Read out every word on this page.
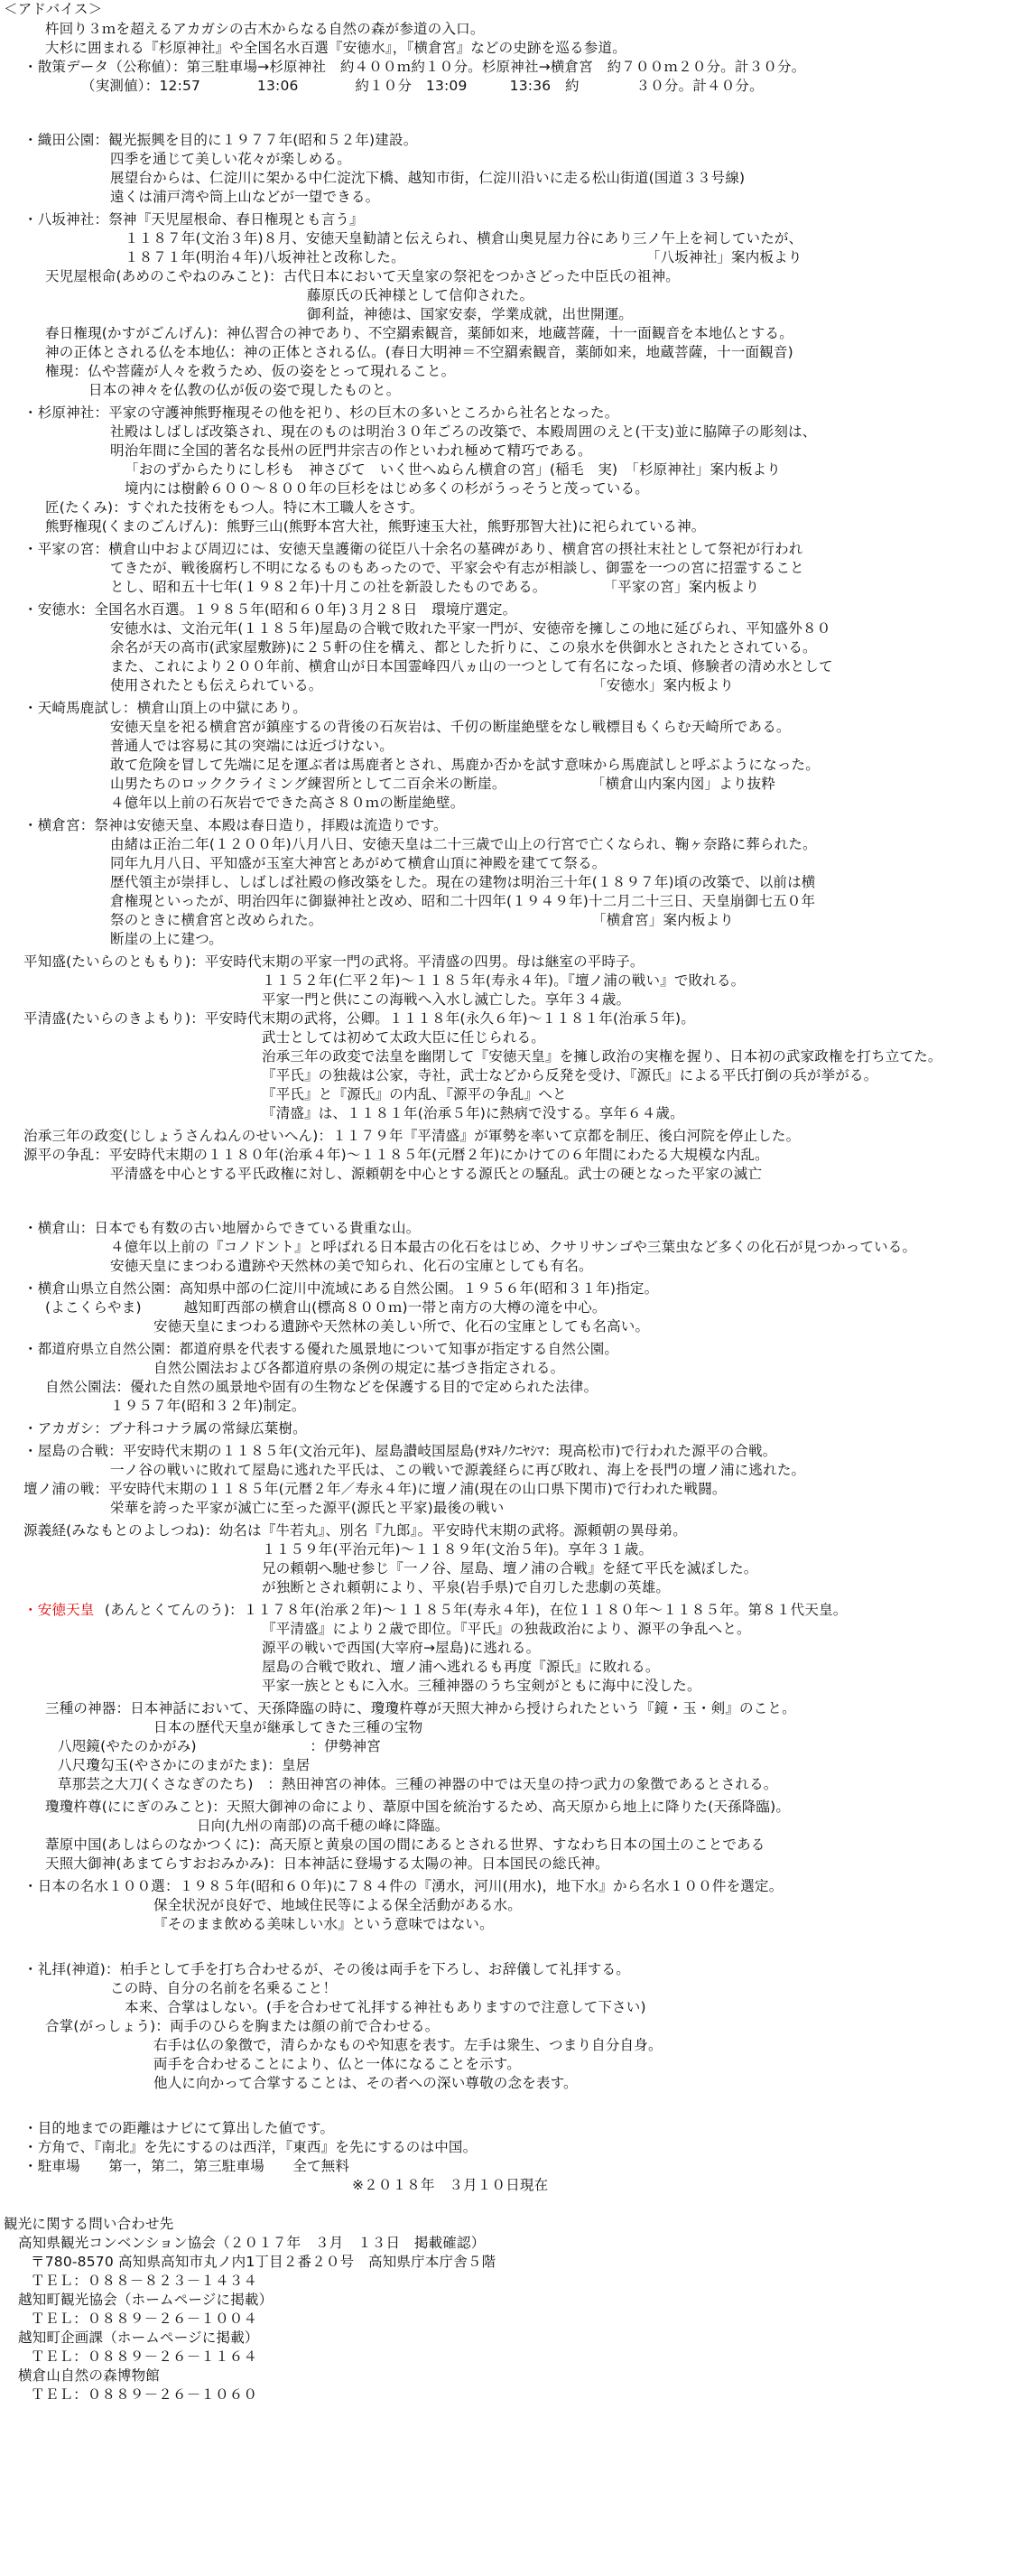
＜アドバイス＞
杵回り３ｍを超えるアカガシの古木からなる自然の森が参道の入口。
大杉に囲まれる『杉原神社』や全国名水百選『安徳水』，『横倉宮』などの史跡を巡る参道。
・散策データ（公称値）：第三駐車場→杉原神社　約４００ｍ約１０分。杉原神社→横倉宮　約７００ｍ２０分。計３０分。
（実測値）：12:57　　　　13:06　　　　約１０分　13:09　　　13:36　約　　　　３０分。計４０分。
・織田公園：観光振興を目的に１９７７年(昭和５２年)建設。
四季を通じて美しい花々が楽しめる。
展望台からは、仁淀川に架かる中仁淀沈下橋、越知市街，仁淀川沿いに走る松山街道(国道３３号線)
遠くは浦戸湾や筒上山などが一望できる。
・八坂神社：祭神『天児屋根命、春日権現とも言う』
１１８７年(文治３年)８月、安徳天皇勧請と伝えられ、横倉山奥見屋力谷にあり三ノ午上を祠していたが、
１８７１年(明治４年)八坂神社と改称した。　　　　　　　　　　　　　　　　　　「八坂神社」案内板より
天児屋根命(あめのこやねのみこと)：古代日本において天皇家の祭祀をつかさどった中臣氏の祖神。
藤原氏の氏神様として信仰された。
御利益，神徳は、国家安泰，学業成就，出世開運。
春日権現(かすがごんげん)：神仏習合の神であり、不空羂索観音，薬師如来，地蔵菩薩，十一面観音を本地仏とする。
神の正体とされる仏を本地仏：神の正体とされる仏。(春日大明神＝不空羂索観音，薬師如来，地蔵菩薩，十一面観音)
権現：仏や菩薩が人々を救うため、仮の姿をとって現れること。
日本の神々を仏教の仏が仮の姿で現したものと。
・杉原神社：平家の守護神熊野権現その他を祀り、杉の巨木の多いところから社名となった。
社殿はしばしば改築され、現在のものは明治３０年ごろの改築で、本殿周囲のえと(干支)並に脇障子の彫刻は、
明治年間に全国的著名な長州の匠門井宗吉の作といわれ極めて精巧である。
「おのずからたりにし杉も　神さびて　いく世へぬらん横倉の宮」(稲毛　実)　「杉原神社」案内板より
境内には樹齢６００～８００年の巨杉をはじめ多くの杉がうっそうと茂っている。
匠(たくみ)：すぐれた技術をもつ人。特に木工職人をさす。
熊野権現(くまのごんげん)：熊野三山(熊野本宮大社，熊野速玉大社，熊野那智大社)に祀られている神。
・平家の宮：横倉山中および周辺には、安徳天皇護衛の従臣八十余名の墓碑があり、横倉宮の摂社末社として祭祀が行われ
てきたが、戦後腐朽し不明になるものもあったので、平家会や有志が相談し、御霊を一つの宮に招霊すること
とし、昭和五十七年(１９８２年)十月この社を新設したものである。　　　　　「平家の宮」案内板より
・安徳水：全国名水百選。１９８５年(昭和６０年)３月２８日　環境庁選定。
安徳水は、文治元年(１１８５年)屋島の合戦で敗れた平家一門が、安徳帝を擁しこの地に延びられ、平知盛外８０
余名が天の高市(武家屋敷跡)に２５軒の住を構え、都とした折りに、この泉水を供御水とされたとされている。
また、これにより２００年前、横倉山が日本国霊峰四八ヵ山の一つとして有名になった頃、修験者の清め水として
使用されたとも伝えられている。　　　　　　　　　　　　　　　　　　　　「安徳水」案内板より
・天崎馬鹿試し：横倉山頂上の中獄にあり。
安徳天皇を祀る横倉宮が鎮座するの背後の石灰岩は、千仞の断崖絶壁をなし戦標目もくらむ天崎所である。
普通人では容易に其の突端には近づけない。
敢て危険を冒して先端に足を運ぶ者は馬鹿者とされ、馬鹿か否かを試す意味から馬鹿試しと呼ぶようになった。
山男たちのロッククライミング練習所として二百余米の断崖。　　　　　　　「横倉山内案内図」より抜粋
４億年以上前の石灰岩でできた高さ８０ｍの断崖絶壁。
・横倉宮：祭神は安徳天皇、本殿は春日造り，拝殿は流造りです。
由緒は正治二年(１２００年)八月八日、安徳天皇は二十三歳で山上の行宮で亡くなられ、鞠ヶ奈路に葬られた。
同年九月八日、平知盛が玉室大神宮とあがめて横倉山頂に神殿を建てて祭る。
歴代領主が崇拝し、しばしば社殿の修改築をした。現在の建物は明治三十年(１８９７年)頃の改築で、以前は横
倉権現といったが、明治四年に御嶽神社と改め、昭和二十四年(１９４９年)十二月二十三日、天皇崩御七五０年
祭のときに横倉宮と改められた。　　　　　　　　　　　　　　　　　　　　「横倉宮」案内板より
断崖の上に建つ。
平知盛(たいらのとももり)：平安時代末期の平家一門の武将。平清盛の四男。母は継室の平時子。
１１５２年(仁平２年)～１１８５年(寿永４年)。『壇ノ浦の戦い』で敗れる。
平家一門と供にこの海戦へ入水し滅亡した。享年３４歳。
平清盛(たいらのきよもり)：平安時代末期の武将，公卿。１１１８年(永久６年)～１１８１年(治承５年)。
武士としては初めて太政大臣に任じられる。
治承三年の政変で法皇を幽閉して『安徳天皇』を擁し政治の実権を握り、日本初の武家政権を打ち立てた。
『平氏』の独裁は公家，寺社，武士などから反発を受け、『源氏』による平氏打倒の兵が挙がる。
『平氏』と『源氏』の内乱、『源平の争乱』へと
『清盛』は、１１８１年(治承５年)に熱病で没する。享年６４歳。
治承三年の政変(じしょうさんねんのせいへん)：１１７９年『平清盛』が軍勢を率いて京都を制圧、後白河院を停止した。
源平の争乱：平安時代末期の１１８０年(治承４年)～１１８５年(元暦２年)にかけての６年間にわたる大規模な内乱。
平清盛を中心とする平氏政権に対し、源頼朝を中心とする源氏との騒乱。武士の硬となった平家の滅亡
・横倉山：日本でも有数の古い地層からできている貴重な山。
４億年以上前の『コノドント』と呼ばれる日本最古の化石をはじめ、クサリサンゴや三葉虫など多くの化石が見つかっている。
安徳天皇にまつわる遺跡や天然林の美で知られ、化石の宝庫としても有名。
・横倉山県立自然公園：高知県中部の仁淀川中流域にある自然公園。１９５６年(昭和３１年)指定。
(よこくらやま)　　　越知町西部の横倉山(標高８００ｍ)一帯と南方の大樽の滝を中心。
安徳天皇にまつわる遺跡や天然林の美しい所で、化石の宝庫としても名高い。
・都道府県立自然公園：都道府県を代表する優れた風景地について知事が指定する自然公園。
自然公園法および各都道府県の条例の規定に基づき指定される。
自然公園法：優れた自然の風景地や固有の生物などを保護する目的で定められた法律。
１９５７年(昭和３２年)制定。
・アカガシ：ブナ科コナラ属の常緑広葉樹。
・屋島の合戦：平安時代末期の１１８５年(文治元年)、屋島讃岐国屋島(ｻﾇｷﾉｸﾆﾔｼﾏ：現高松市)で行われた源平の合戦。
一ノ谷の戦いに敗れて屋島に逃れた平氏は、この戦いで源義経らに再び敗れ、海上を長門の壇ノ浦に逃れた。
壇ノ浦の戦：平安時代末期の１１８５年(元暦２年／寿永４年)に壇ノ浦(現在の山口県下関市)で行われた戦闘。
栄華を誇った平家が滅亡に至った源平(源氏と平家)最後の戦い
源義経(みなもとのよしつね)：幼名は『牛若丸』、別名『九郎』。平安時代末期の武将。源頼朝の異母弟。
１１５９年(平治元年)～１１８９年(文治５年)。享年３１歳。
兄の頼朝へ馳せ参じ『一ノ谷、屋島、壇ノ浦の合戦』を経て平氏を滅ぼした。
が独断とされ頼朝により、平泉(岩手県)で自刃した悲劇の英雄。
・安徳天皇 (あんとくてんのう)：１１７８年(治承２年)～１１８５年(寿永４年)，在位１１８０年～１１８５年。第８１代天皇。
『平清盛』により２歳で即位。『平氏』の独裁政治により、源平の争乱へと。
源平の戦いで西国(大宰府→屋島)に逃れる。
屋島の合戦で敗れ、壇ノ浦へ逃れるも再度『源氏』に敗れる。
平家一族とともに入水。三種神器のうち宝剣がともに海中に没した。
三種の神器：日本神話において、天孫降臨の時に、瓊瓊杵尊が天照大神から授けられたという『鏡・玉・剣』のこと。
日本の歴代天皇が継承してきた三種の宝物
八咫鏡(やたのかがみ)　　　　　　　　：伊勢神宮
八尺瓊勾玉(やさかにのまがたま)：皇居
草那芸之大刀(くさなぎのたち)　：熱田神宮の神体。三種の神器の中では天皇の持つ武力の象徴であるとされる。
瓊瓊杵尊(ににぎのみこと)：天照大御神の命により、葦原中国を統治するため、高天原から地上に降りた(天孫降臨)。
日向(九州の南部)の高千穂の峰に降臨。
葦原中国(あしはらのなかつくに)：高天原と黄泉の国の間にあるとされる世界、すなわち日本の国土のことである
天照大御神(あまてらすおおみかみ)：日本神話に登場する太陽の神。日本国民の総氏神。
・日本の名水１００選：１９８５年(昭和６０年)に７８４件の『湧水，河川(用水)，地下水』から名水１００件を選定。
保全状況が良好で、地域住民等による保全活動がある水。
『そのまま飲める美味しい水』という意味ではない。
・礼拝(神道)：柏手として手を打ち合わせるが、その後は両手を下ろし、お辞儀して礼拝する。
この時、自分の名前を名乗ること！
本来、合掌はしない。(手を合わせて礼拝する神社もありますので注意して下さい)
合掌(がっしょう)：両手のひらを胸または顔の前で合わせる。
右手は仏の象徴で，清らかなものや知恵を表す。左手は衆生、つまり自分自身。
両手を合わせることにより、仏と一体になることを示す。
他人に向かって合掌することは、その者への深い尊敬の念を表す。
・目的地までの距離はナビにて算出した値です。
・方角で、『南北』を先にするのは西洋，『東西』を先にするのは中国。
・駐車場　　第一，第二，第三駐車場　　全て無料
※２０１８年　３月１０日現在
観光に関する問い合わせ先
高知県観光コンベンション協会（２０１７年　３月　１３日　掲載確認）
〒780-8570 高知県高知市丸ノ内1丁目２番２０号　高知県庁本庁舎５階
ＴＥＬ：０８８－８２３－１４３４
越知町観光協会（ホームページに掲載）
ＴＥＬ：０８８９－２６－１００４
越知町企画課（ホームページに掲載）
ＴＥＬ：０８８９－２６－１１６４
横倉山自然の森博物館
ＴＥＬ：０８８９－２６－１０６０
